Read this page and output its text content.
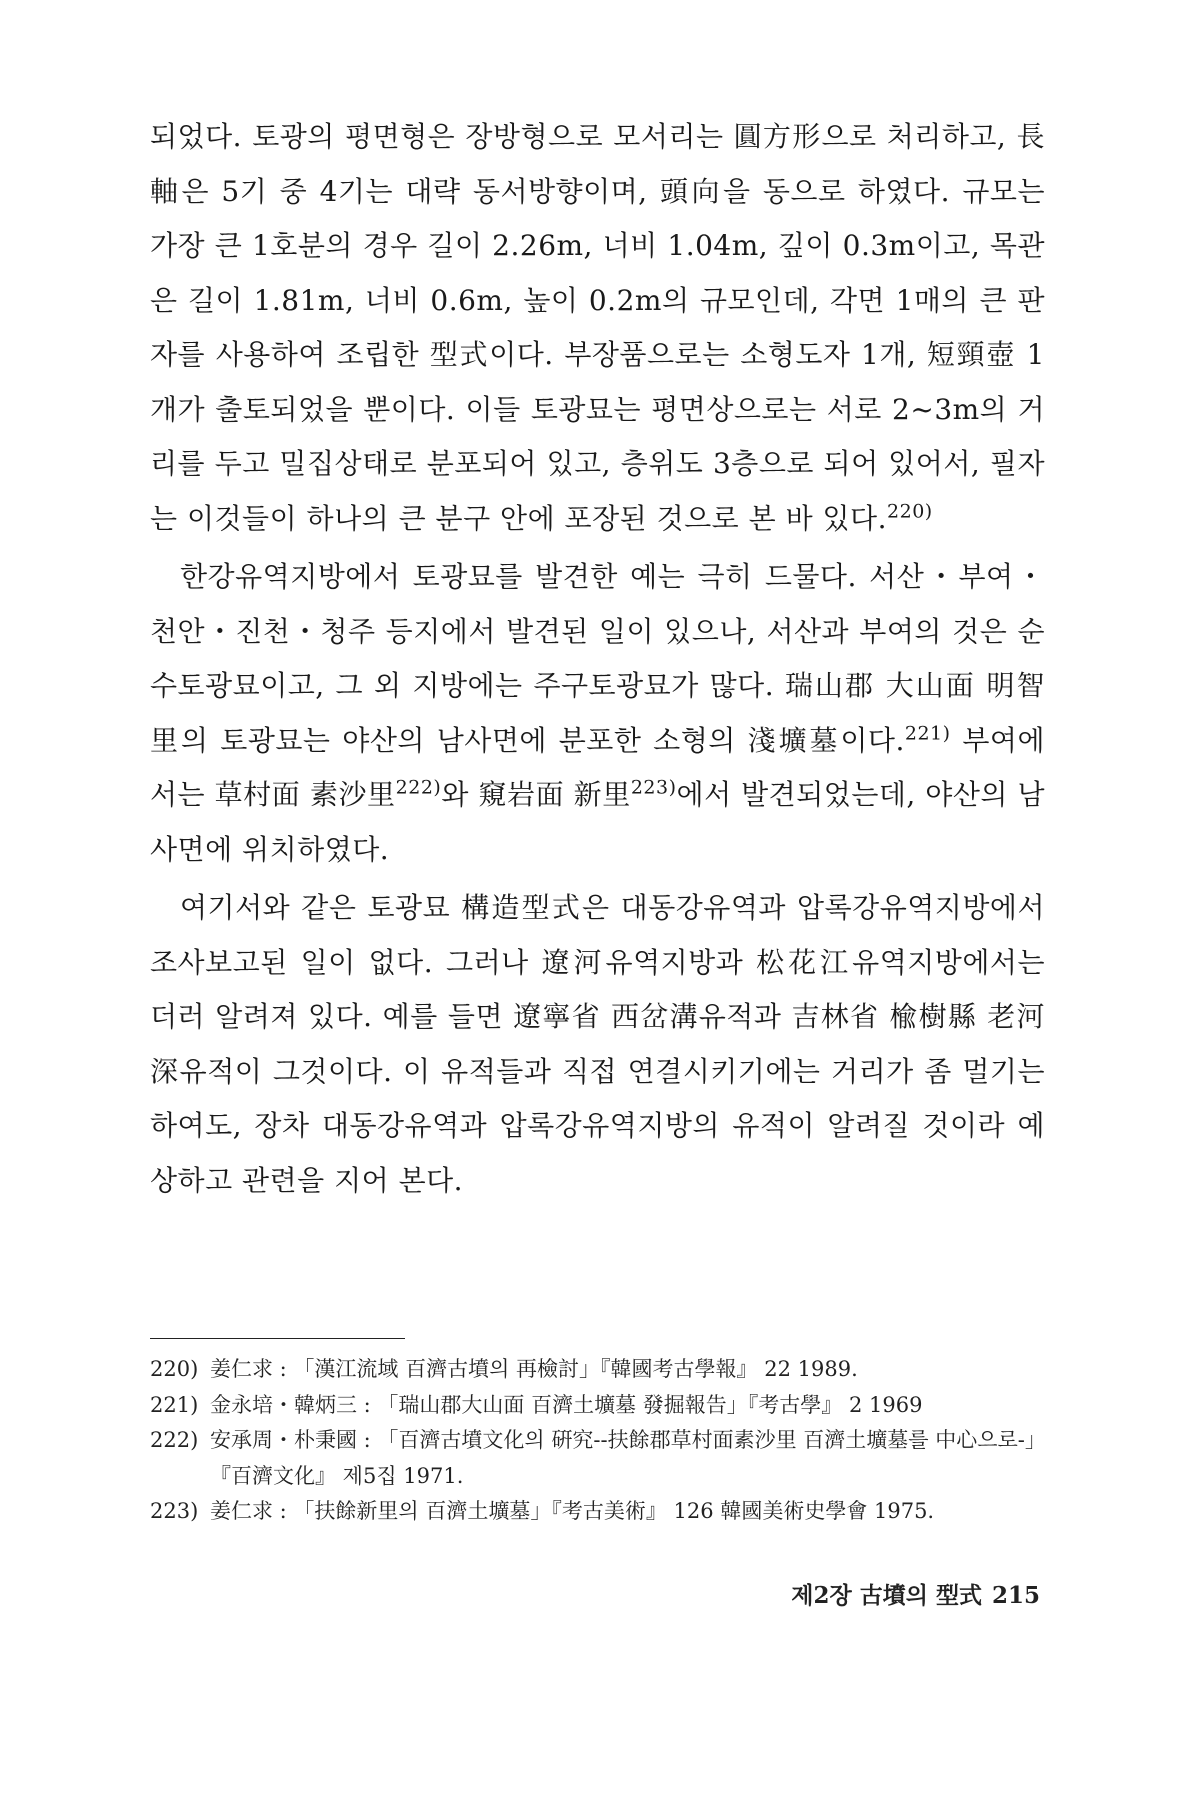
되었다. 토광의 평면형은 장방형으로 모서리는 圓方形으로 처리하고, 長軸은 5기 중 4기는 대략 동서방향이며, 頭向을 동으로 하였다. 규모는 가장 큰 1호분의 경우 길이 2.26m, 너비 1.04m, 깊이 0.3m이고, 목관은 길이 1.81m, 너비 0.6m, 높이 0.2m의 규모인데, 각면 1매의 큰 판자를 사용하여 조립한 型式이다. 부장품으로는 소형도자 1개, 短頸壺 1개가 출토되었을 뿐이다. 이들 토광묘는 평면상으로는 서로 2~3m의 거리를 두고 밀집상태로 분포되어 있고, 층위도 3층으로 되어 있어서, 필자는 이것들이 하나의 큰 분구 안에 포장된 것으로 본 바 있다.$^{220)}$

한강유역지방에서 토광묘를 발견한 예는 극히 드물다. 서산・부여・천안・진천・청주 등지에서 발견된 일이 있으나, 서산과 부여의 것은 순수토광묘이고, 그 외 지방에는 주구토광묘가 많다. 瑞山郡 大山面 明智里의 토광묘는 야산의 남사면에 분포한 소형의 淺壙墓이다.$^{221)}$ 부여에서는 草村面 素沙里$^{222)}$와 窺岩面 新里$^{223)}$에서 발견되었는데, 야산의 남사면에 위치하였다.

여기서와 같은 토광묘 構造型式은 대동강유역과 압록강유역지방에서 조사보고된 일이 없다. 그러나 遼河유역지방과 松花江유역지방에서는 더러 알려져 있다. 예를 들면 遼寧省 西岔溝유적과 吉林省 楡樹縣 老河深유적이 그것이다. 이 유적들과 직접 연결시키기에는 거리가 좀 멀기는 하여도, 장차 대동강유역과 압록강유역지방의 유적이 알려질 것이라 예상하고 관련을 지어 본다.

220) 姜仁求 : 「漢江流域 百濟古墳의 再檢討」『韓國考古學報』 22 1989.
221) 金永培・韓炳三 : 「瑞山郡大山面 百濟土壙墓 發掘報告」『考古學』 2 1969
222) 安承周・朴秉國 : 「百濟古墳文化의 硏究--扶餘郡草村面素沙里 百濟土壙墓를 中心으로-」『百濟文化』 제5집 1971.
223) 姜仁求 : 「扶餘新里의 百濟土壙墓」『考古美術』 126 韓國美術史學會 1975.
제2장 古墳의 型式 215
